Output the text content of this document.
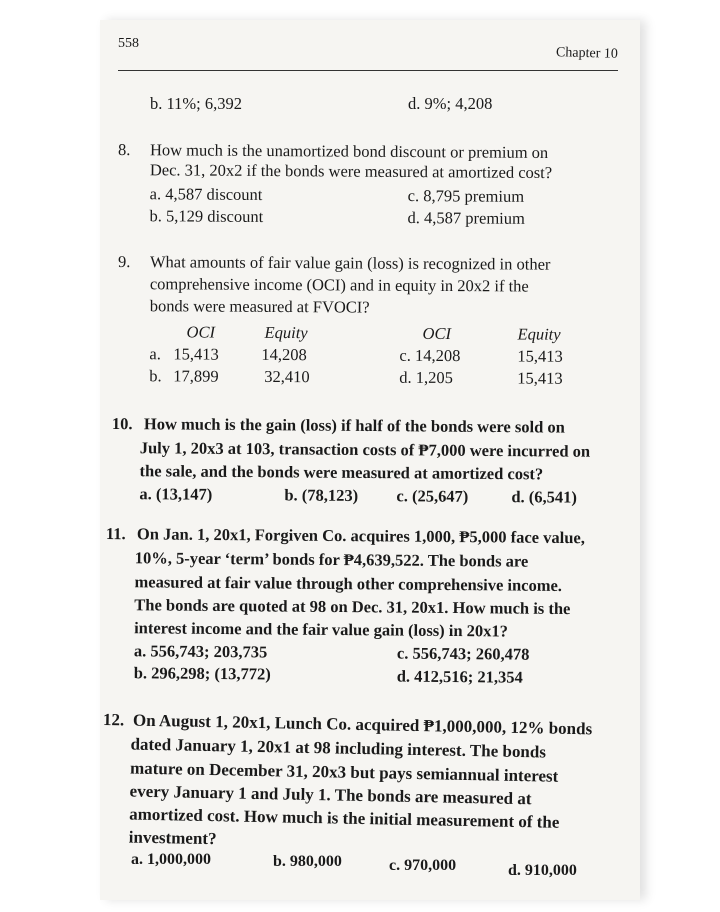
558
Chapter 10
b. 11%; 6,392	d. 9%; 4,208
8. How much is the unamortized bond discount or premium on
Dec. 31, 20x2 if the bonds were measured at amortized cost?
a. 4,587 discount	c. 8,795 premium
b. 5,129 discount	d. 4,587 premium
9. What amounts of fair value gain (loss) is recognized in other
comprehensive income (OCI) and in equity in 20x2 if the
bonds were measured at FVOCI?
OCI	Equity	OCI	Equity
a. 15,413	14,208	c. 14,208	15,413
b. 17,899	32,410	d. 1,205	15,413
10. How much is the gain (loss) if half of the bonds were sold on
July 1, 20x3 at 103, transaction costs of ₱7,000 were incurred on
the sale, and the bonds were measured at amortized cost?
a. (13,147)	b. (78,123) c. (25,647)	d. (6,541)
11. On Jan. 1, 20x1, Forgiven Co. acquires 1,000, ₱5,000 face value,
10%, 5-year ‘term’ bonds for ₱4,639,522. The bonds are
measured at fair value through other comprehensive income.
The bonds are quoted at 98 on Dec. 31, 20x1. How much is the
interest income and the fair value gain (loss) in 20x1?
a. 556,743; 203,735	c. 556,743; 260,478
b. 296,298; (13,772)	d. 412,516; 21,354
12. On August 1, 20x1, Lunch Co. acquired ₱1,000,000, 12% bonds
dated January 1, 20x1 at 98 including interest. The bonds
mature on December 31, 20x3 but pays semiannual interest
every January 1 and July 1. The bonds are measured at
amortized cost. How much is the initial measurement of the
investment?
a. 1,000,000	b. 980,000	c. 970,000	d. 910,000
